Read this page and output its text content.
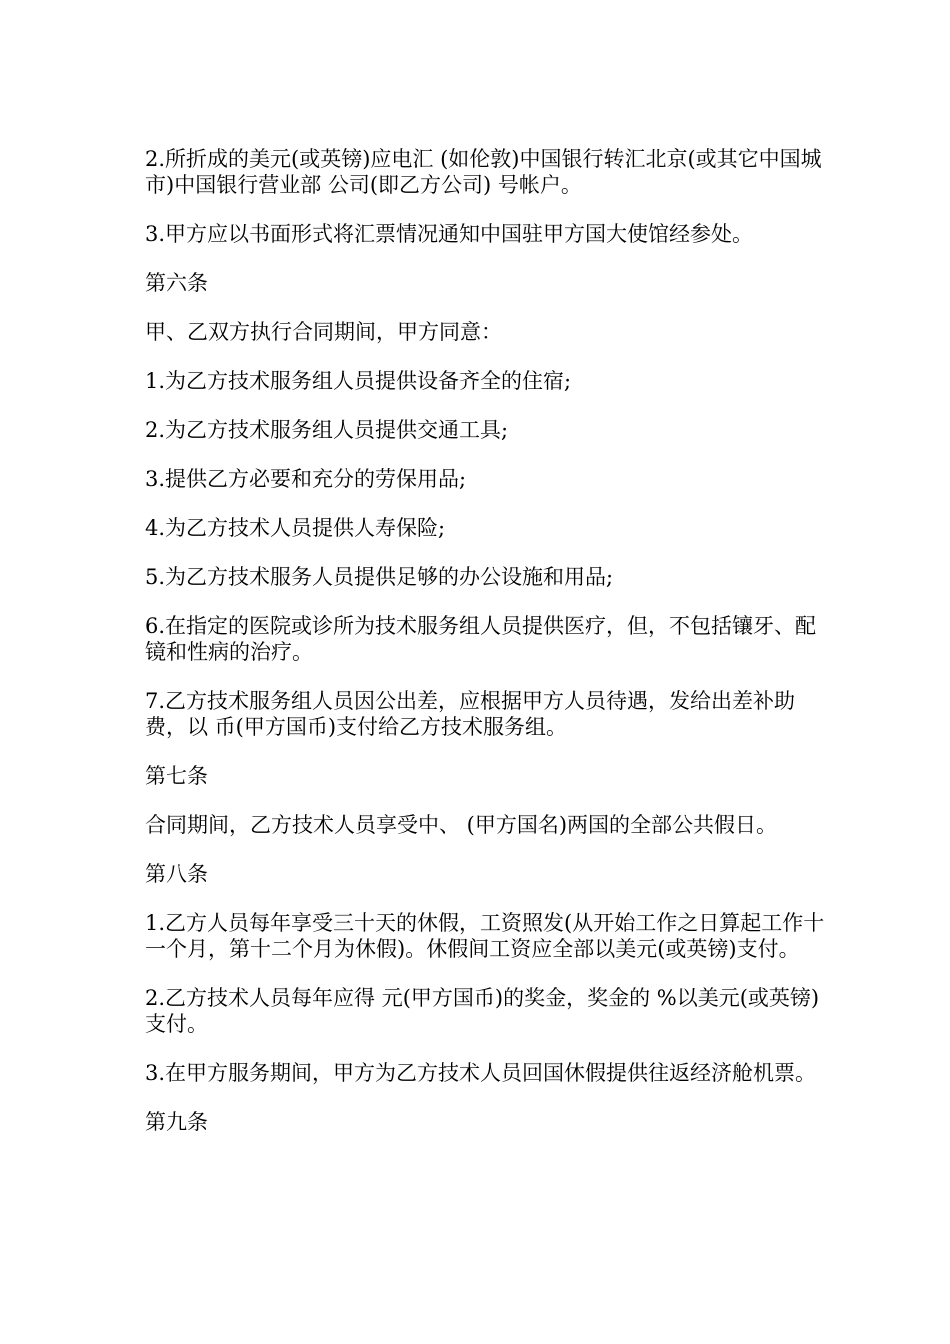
2.所折成的美元(或英镑)应电汇 (如伦敦)中国银行转汇北京(或其它中国城市)中国银行营业部 公司(即乙方公司) 号帐户。

3.甲方应以书面形式将汇票情况通知中国驻甲方国大使馆经参处。

第六条

甲、乙双方执行合同期间，甲方同意：

1.为乙方技术服务组人员提供设备齐全的住宿;

2.为乙方技术服务组人员提供交通工具;

3.提供乙方必要和充分的劳保用品;

4.为乙方技术人员提供人寿保险;

5.为乙方技术服务人员提供足够的办公设施和用品;

6.在指定的医院或诊所为技术服务组人员提供医疗，但，不包括镶牙、配镜和性病的治疗。

7.乙方技术服务组人员因公出差，应根据甲方人员待遇，发给出差补助费，以 币(甲方国币)支付给乙方技术服务组。

第七条

合同期间，乙方技术人员享受中、 (甲方国名)两国的全部公共假日。

第八条

1.乙方人员每年享受三十天的休假，工资照发(从开始工作之日算起工作十一个月，第十二个月为休假)。休假间工资应全部以美元(或英镑)支付。

2.乙方技术人员每年应得 元(甲方国币)的奖金，奖金的 %以美元(或英镑)支付。

3.在甲方服务期间，甲方为乙方技术人员回国休假提供往返经济舱机票。

第九条
